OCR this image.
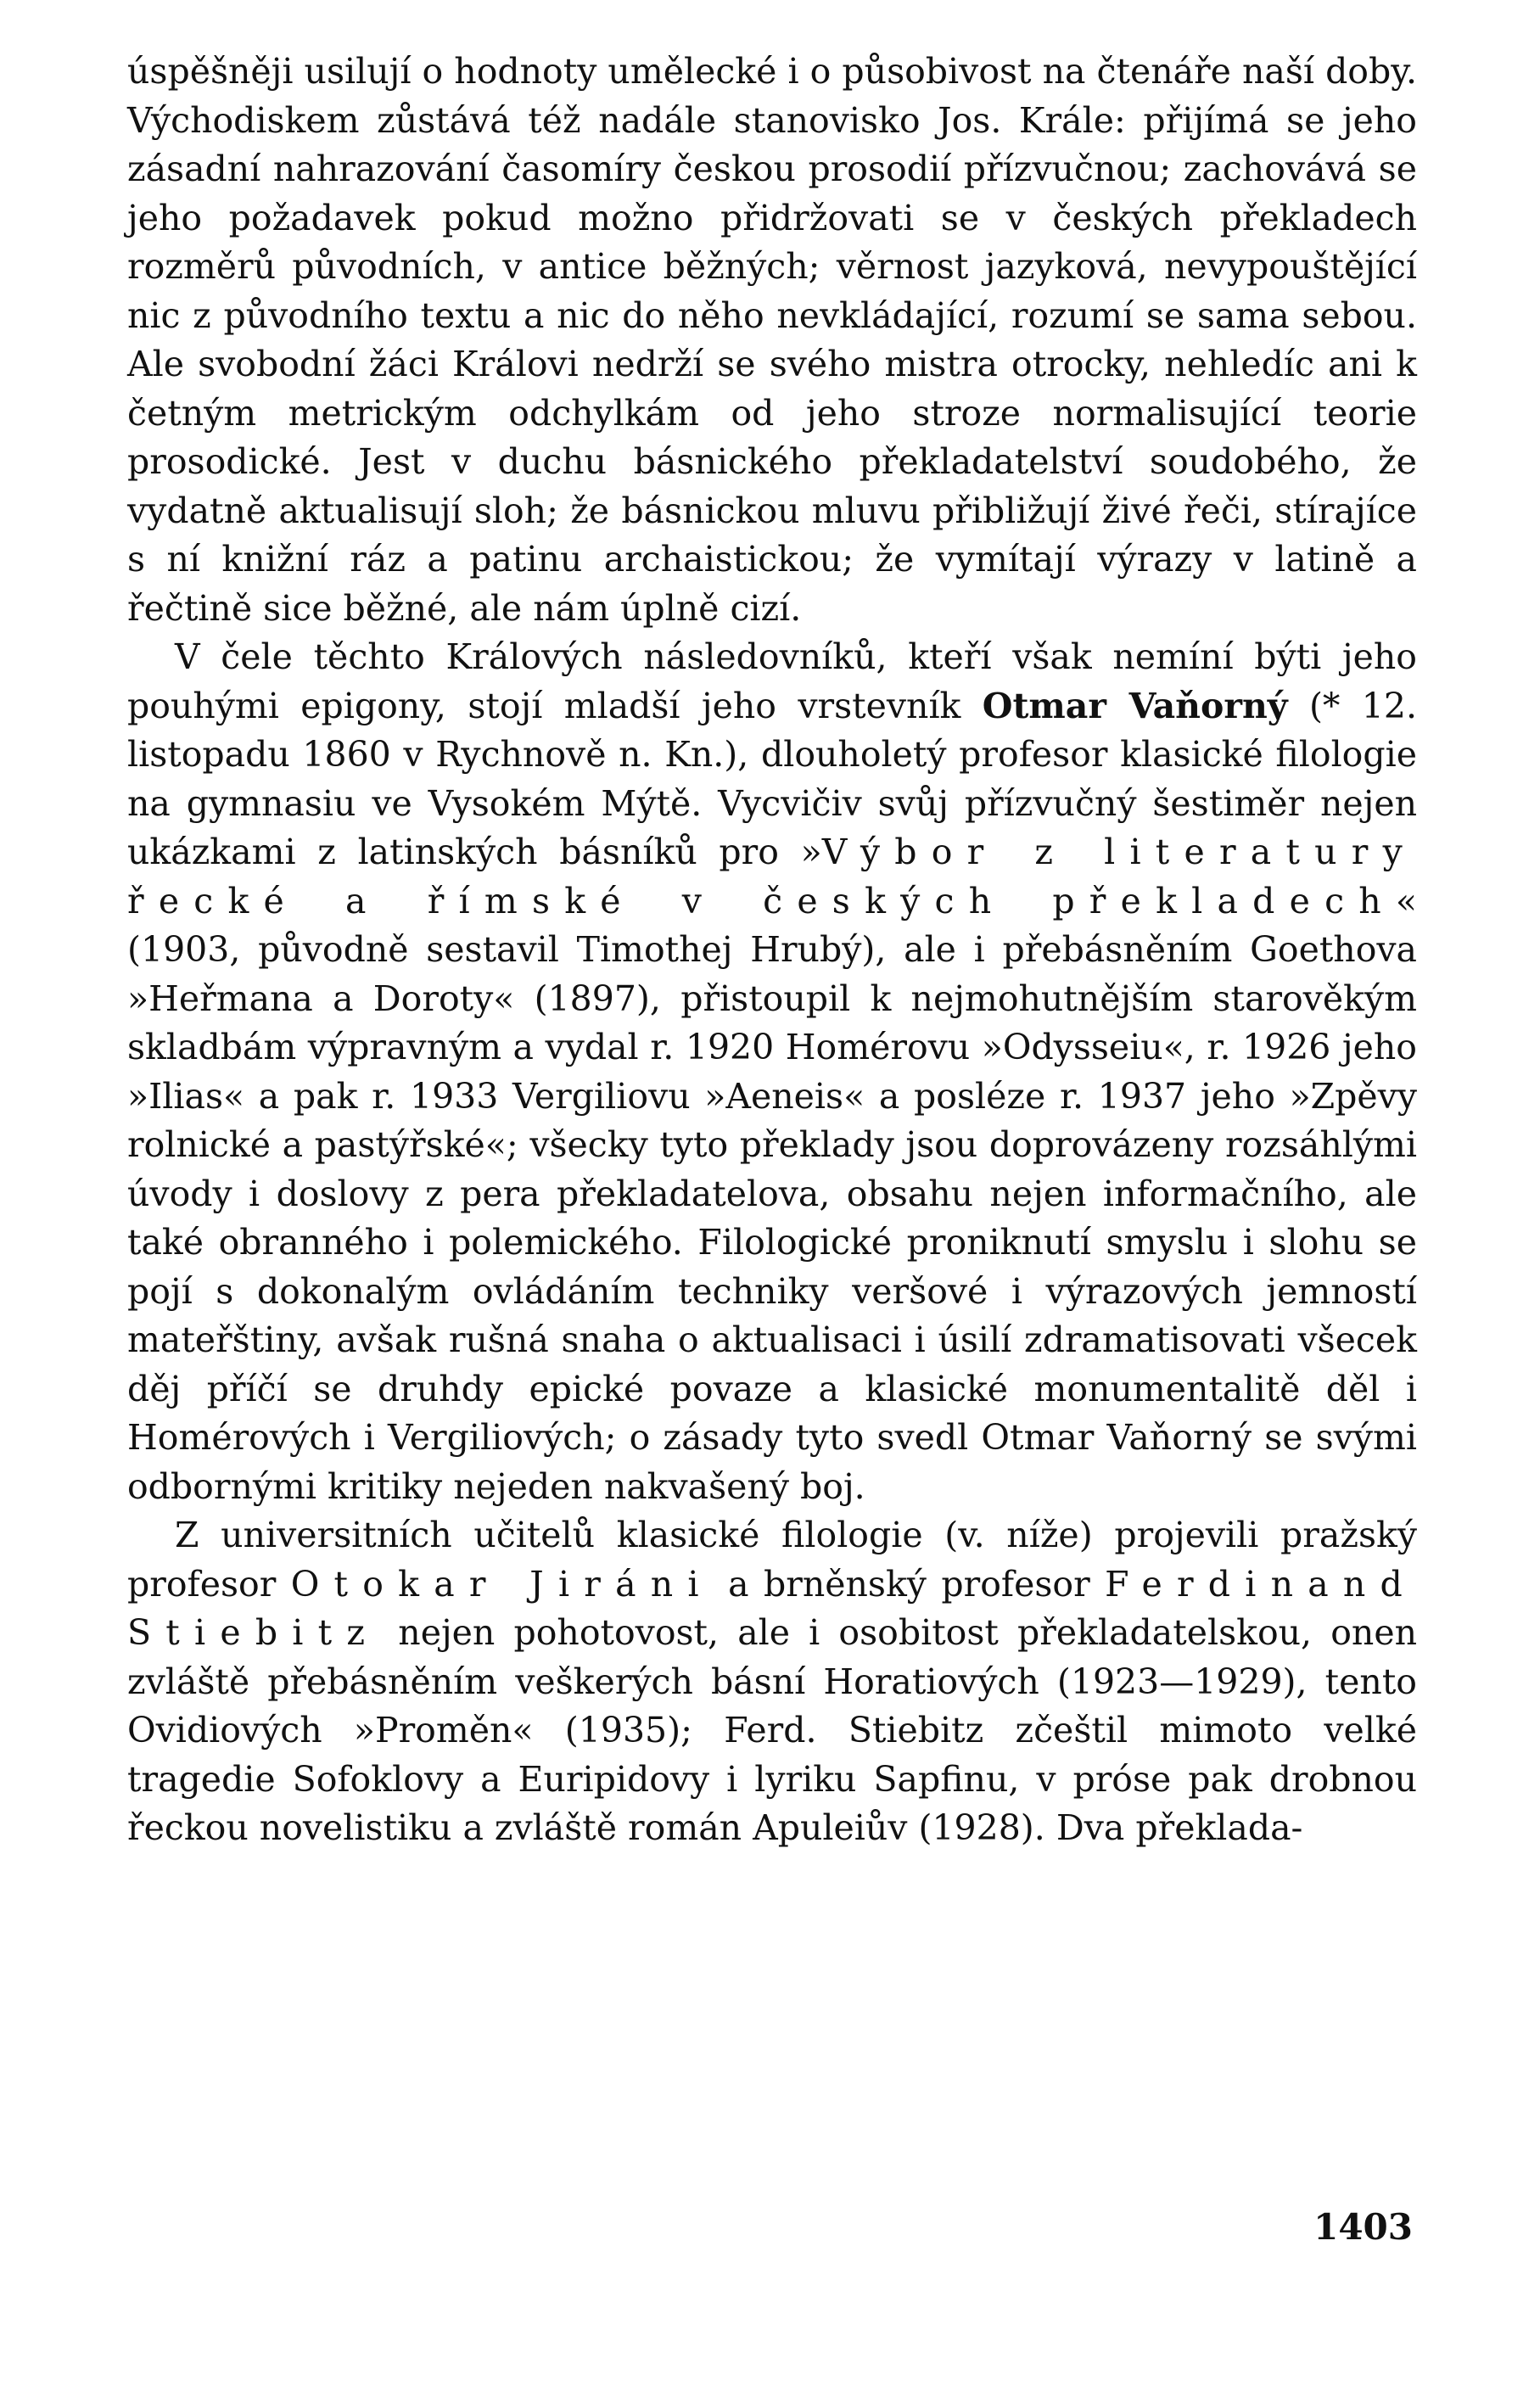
úspěšněji usilují o hodnoty umělecké i o působivost na čtenáře naší doby. Východiskem zůstává též nadále stanovisko Jos. Krále: přijímá se jeho zásadní nahrazování časomíry českou prosodií přízvučnou; zachovává se jeho požadavek pokud možno přidržovati se v českých překladech rozměrů původních, v antice běžných; věrnost jazyková, nevypouštějící nic z původního textu a nic do něho nevkládající, rozumí se sama sebou. Ale svobodní žáci Královi nedrží se svého mistra otrocky, nehledíc ani k četným metrickým odchylkám od jeho stroze normalisující teorie prosodické. Jest v duchu básnického překladatelství soudobého, že vydatně aktualisují sloh; že básnickou mluvu přibližují živé řeči, stírajíce s ní knižní ráz a patinu archaistickou; že vymítají výrazy v latině a řečtině sice běžné, ale nám úplně cizí.

V čele těchto Králových následovníků, kteří však nemíní býti jeho pouhými epigony, stojí mladší jeho vrstevník Otmar Vaňorný (* 12. listopadu 1860 v Rychnově n. Kn.), dlouholetý profesor klasické filologie na gymnasiu ve Vysokém Mýtě. Vycvičiv svůj přízvučný šestiměr nejen ukázkami z latinských básníků pro »Výbor z literatury řecké a římské v českých překladech« (1903, původně sestavil Timothej Hrubý), ale i přebásněním Goethova »Heřmana a Doroty« (1897), přistoupil k nejmohutnějším starověkým skladbám výpravným a vydal r. 1920 Homérovu »Odysseiu«, r. 1926 jeho »Ilias« a pak r. 1933 Vergiliovu »Aeneis« a posléze r. 1937 jeho »Zpěvy rolnické a pastýřské«; všecky tyto překlady jsou doprovázeny rozsáhlými úvody i doslovy z pera překladatelova, obsahu nejen informačního, ale také obranného i polemického. Filologické proniknutí smyslu i slohu se pojí s dokonalým ovládáním techniky veršové i výrazových jemností mateřštiny, avšak rušná snaha o aktualisaci i úsilí zdramatisovati všecek děj příčí se druhdy epické povaze a klasické monumentalitě děl i Homérových i Vergiliových; o zásady tyto svedl Otmar Vaňorný se svými odbornými kritiky nejeden nakvašený boj.

Z universitních učitelů klasické filologie (v. níže) projevili pražský profesor Otokar Jiráni a brněnský profesor Ferdinand Stiebitz nejen pohotovost, ale i osobitost překladatelskou, onen zvláště přebásněním veškerých básní Horatiových (1923—1929), tento Ovidiových »Proměn« (1935); Ferd. Stiebitz zčeštil mimoto velké tragedie Sofoklovy a Euripidovy i lyriku Sapfinu, v próse pak drobnou řeckou novelistiku a zvláště román Apuleiův (1928). Dva překlada-

1403
